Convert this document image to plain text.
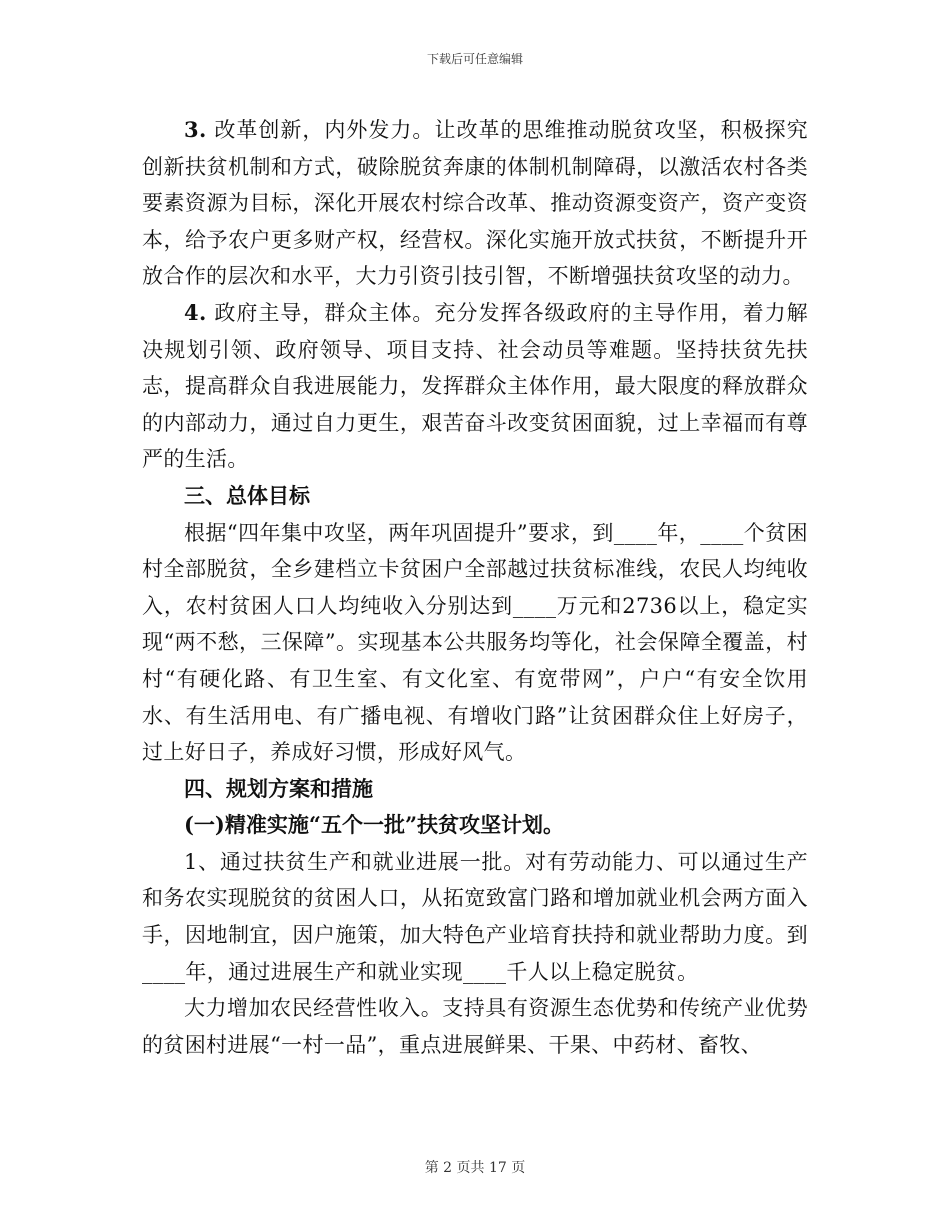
下载后可任意编辑

3. 改革创新，内外发力。让改革的思维推动脱贫攻坚，积极探究创新扶贫机制和方式，破除脱贫奔康的体制机制障碍，以激活农村各类要素资源为目标，深化开展农村综合改革、推动资源变资产，资产变资本，给予农户更多财产权，经营权。深化实施开放式扶贫，不断提升开放合作的层次和水平，大力引资引技引智，不断增强扶贫攻坚的动力。

4. 政府主导，群众主体。充分发挥各级政府的主导作用，着力解决规划引领、政府领导、项目支持、社会动员等难题。坚持扶贫先扶志，提高群众自我进展能力，发挥群众主体作用，最大限度的释放群众的内部动力，通过自力更生，艰苦奋斗改变贫困面貌，过上幸福而有尊严的生活。

三、总体目标

根据“四年集中攻坚，两年巩固提升”要求，到____年，____个贫困村全部脱贫，全乡建档立卡贫困户全部越过扶贫标准线，农民人均纯收入，农村贫困人口人均纯收入分别达到____万元和2736以上，稳定实现“两不愁，三保障”。实现基本公共服务均等化，社会保障全覆盖，村村“有硬化路、有卫生室、有文化室、有宽带网”，户户“有安全饮用水、有生活用电、有广播电视、有增收门路”让贫困群众住上好房子，过上好日子，养成好习惯，形成好风气。

四、规划方案和措施

(一)精准实施“五个一批”扶贫攻坚计划。

1、通过扶贫生产和就业进展一批。对有劳动能力、可以通过生产和务农实现脱贫的贫困人口，从拓宽致富门路和增加就业机会两方面入手，因地制宜，因户施策，加大特色产业培育扶持和就业帮助力度。到____年，通过进展生产和就业实现____千人以上稳定脱贫。

大力增加农民经营性收入。支持具有资源生态优势和传统产业优势的贫困村进展“一村一品”，重点进展鲜果、干果、中药材、畜牧、

第 2 页共 17 页
